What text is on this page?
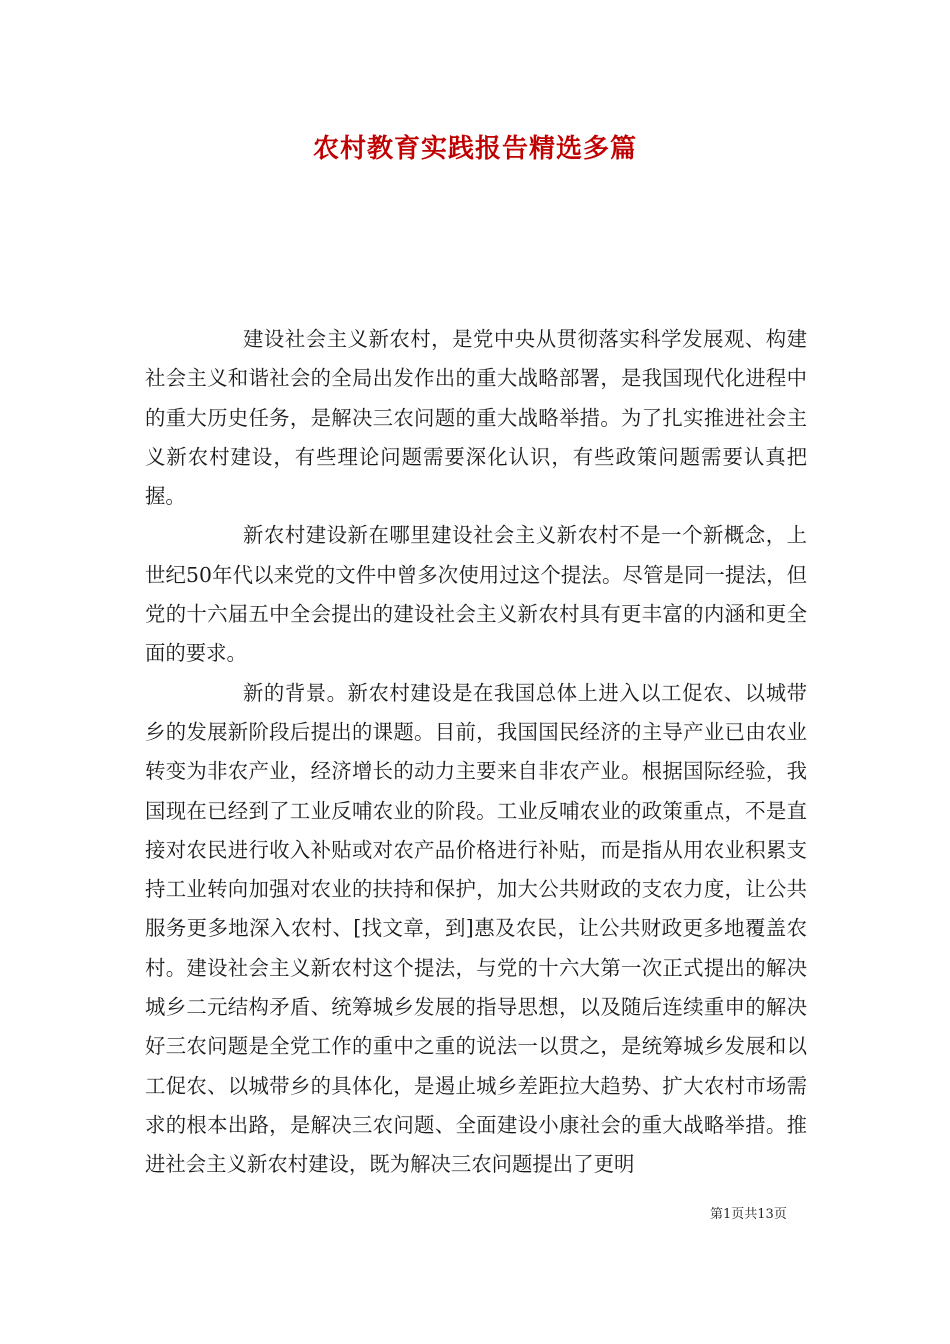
农村教育实践报告精选多篇

建设社会主义新农村，是党中央从贯彻落实科学发展观、构建社会主义和谐社会的全局出发作出的重大战略部署，是我国现代化进程中的重大历史任务，是解决三农问题的重大战略举措。为了扎实推进社会主义新农村建设，有些理论问题需要深化认识，有些政策问题需要认真把握。

新农村建设新在哪里建设社会主义新农村不是一个新概念，上世纪50年代以来党的文件中曾多次使用过这个提法。尽管是同一提法，但党的十六届五中全会提出的建设社会主义新农村具有更丰富的内涵和更全面的要求。

新的背景。新农村建设是在我国总体上进入以工促农、以城带乡的发展新阶段后提出的课题。目前，我国国民经济的主导产业已由农业转变为非农产业，经济增长的动力主要来自非农产业。根据国际经验，我国现在已经到了工业反哺农业的阶段。工业反哺农业的政策重点，不是直接对农民进行收入补贴或对农产品价格进行补贴，而是指从用农业积累支持工业转向加强对农业的扶持和保护，加大公共财政的支农力度，让公共服务更多地深入农村、[找文章，到]惠及农民，让公共财政更多地覆盖农村。建设社会主义新农村这个提法，与党的十六大第一次正式提出的解决城乡二元结构矛盾、统筹城乡发展的指导思想，以及随后连续重申的解决好三农问题是全党工作的重中之重的说法一以贯之，是统筹城乡发展和以工促农、以城带乡的具体化，是遏止城乡差距拉大趋势、扩大农村市场需求的根本出路，是解决三农问题、全面建设小康社会的重大战略举措。推进社会主义新农村建设，既为解决三农问题提出了更明

第1页共13页
